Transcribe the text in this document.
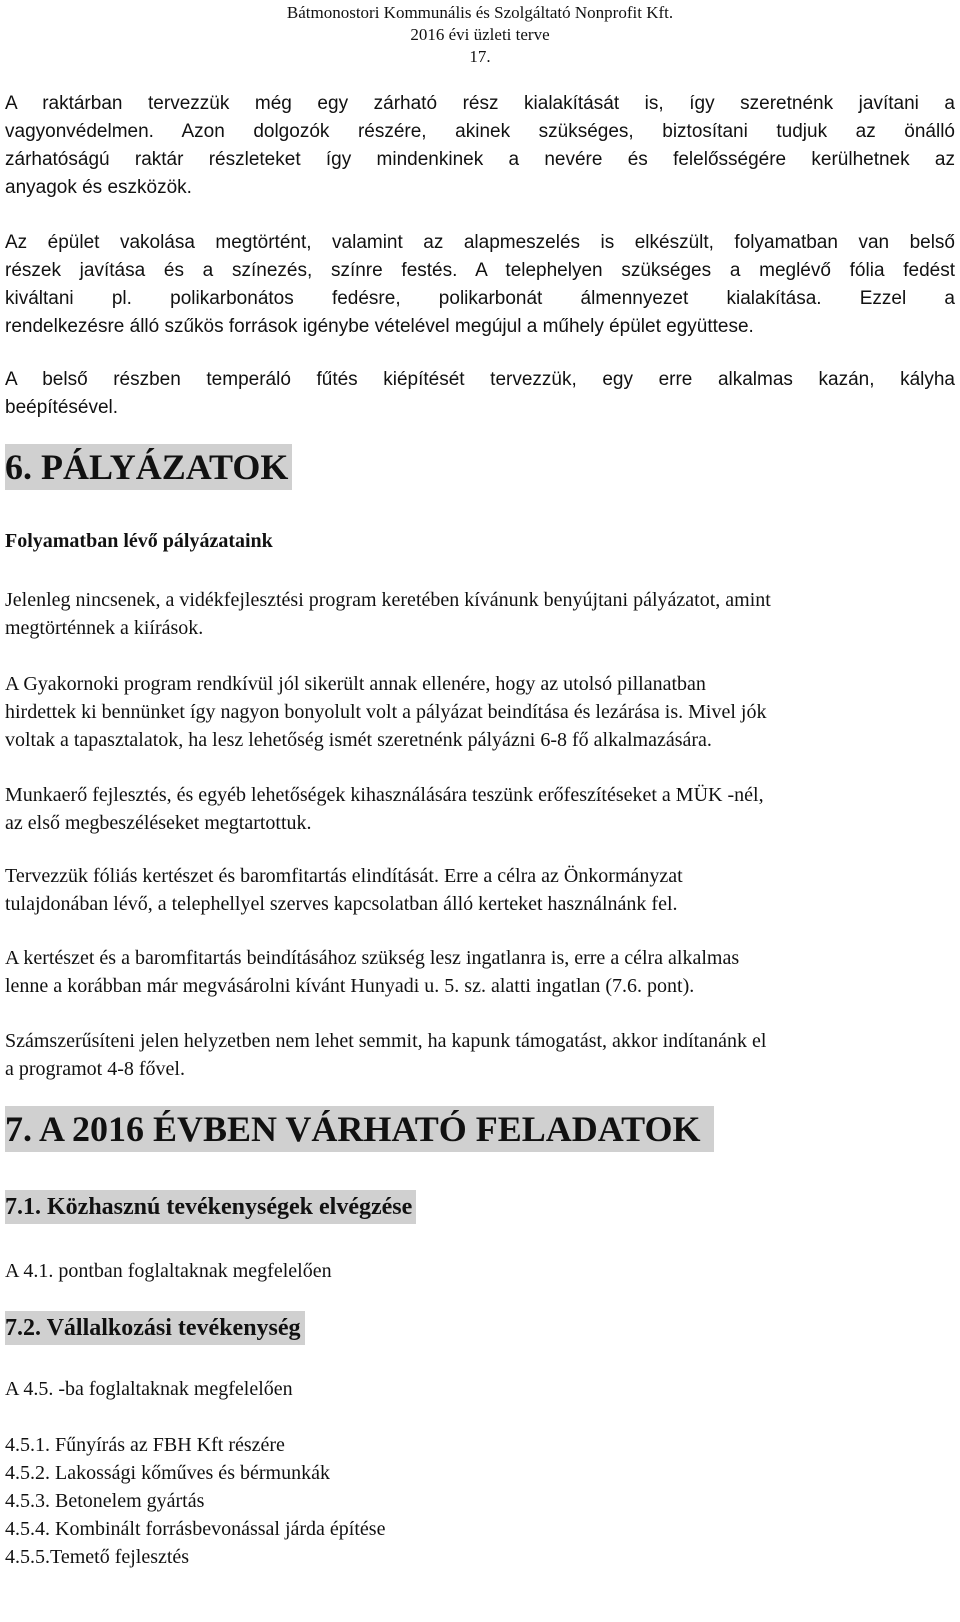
Bátmonostori Kommunális és Szolgáltató Nonprofit Kft.
2016 évi üzleti terve
17.
A raktárban tervezzük még egy zárható rész kialakítását is, így szeretnénk javítani a
vagyonvédelmen. Azon dolgozók részére, akinek szükséges, biztosítani tudjuk az önálló
zárhatóságú raktár részleteket így mindenkinek a nevére és felelősségére kerülhetnek az
anyagok és eszközök.
Az épület vakolása megtörtént, valamint az alapmeszelés is elkészült, folyamatban van belső
részek javítása és a színezés, színre festés. A telephelyen szükséges a meglévő fólia fedést
kiváltani pl. polikarbonátos fedésre, polikarbonát álmennyezet kialakítása. Ezzel a
rendelkezésre álló szűkös források igénybe vételével megújul a műhely épület együttese.
A belső részben temperáló fűtés kiépítését tervezzük, egy erre alkalmas kazán, kályha
beépítésével.
6. PÁLYÁZATOK
Folyamatban lévő pályázataink
Jelenleg nincsenek, a vidékfejlesztési program keretében kívánunk benyújtani pályázatot, amint
megtörténnek a kiírások.
A Gyakornoki program rendkívül jól sikerült annak ellenére, hogy az utolsó pillanatban
hirdettek ki bennünket így nagyon bonyolult volt a pályázat beindítása és lezárása is. Mivel jók
voltak a tapasztalatok, ha lesz lehetőség ismét szeretnénk pályázni 6-8 fő alkalmazására.
Munkaerő fejlesztés, és egyéb lehetőségek kihasználására teszünk erőfeszítéseket a MÜK -nél,
az első megbeszéléseket megtartottuk.
Tervezzük fóliás kertészet és baromfitartás elindítását. Erre a célra az Önkormányzat
tulajdonában lévő, a telephellyel szerves kapcsolatban álló kerteket használnánk fel.
A kertészet és a baromfitartás beindításához szükség lesz ingatlanra is, erre a célra alkalmas
lenne a korábban már megvásárolni kívánt Hunyadi u. 5. sz. alatti ingatlan (7.6. pont).
Számszerűsíteni jelen helyzetben nem lehet semmit, ha kapunk támogatást, akkor indítanánk el
a programot 4-8 fővel.
7. A 2016 ÉVBEN VÁRHATÓ FELADATOK
7.1. Közhasznú tevékenységek elvégzése
A 4.1. pontban foglaltaknak megfelelően
7.2. Vállalkozási tevékenység
A 4.5. -ba foglaltaknak megfelelően
4.5.1. Fűnyírás az FBH Kft részére
4.5.2. Lakossági kőműves és bérmunkák
4.5.3. Betonelem gyártás
4.5.4. Kombinált forrásbevonással járda építése
4.5.5.Temető fejlesztés
